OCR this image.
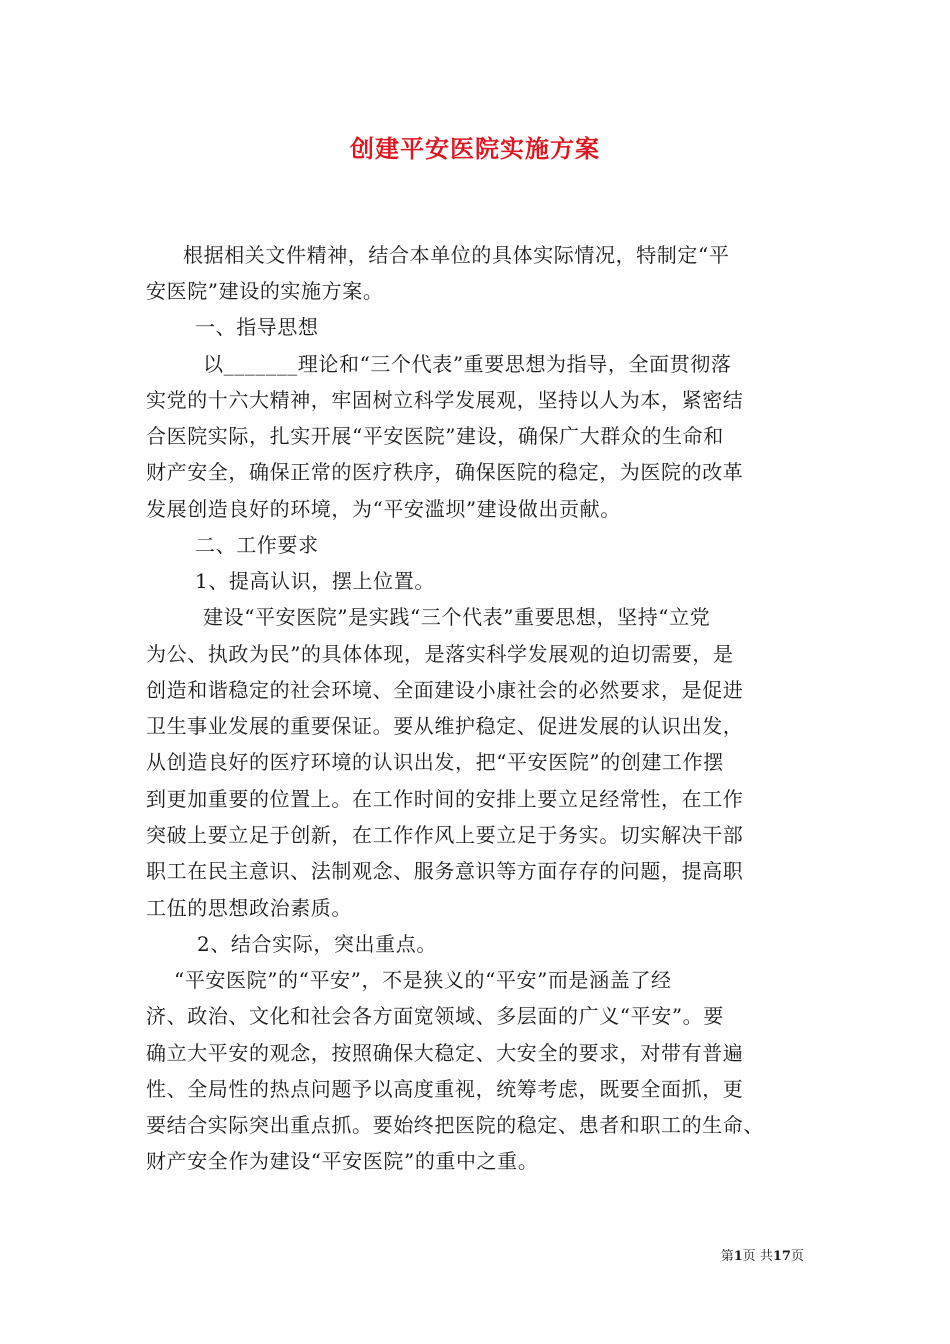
创建平安医院实施方案

根据相关文件精神，结合本单位的具体实际情况，特制定“平

安医院”建设的实施方案。

一、指导思想

以_______理论和“三个代表”重要思想为指导，全面贯彻落

实党的十六大精神，牢固树立科学发展观，坚持以人为本，紧密结

合医院实际，扎实开展“平安医院”建设，确保广大群众的生命和

财产安全，确保正常的医疗秩序，确保医院的稳定，为医院的改革

发展创造良好的环境，为“平安滥坝”建设做出贡献。

二、工作要求

1、提高认识，摆上位置。

建设“平安医院”是实践“三个代表”重要思想，坚持“立党

为公、执政为民”的具体体现，是落实科学发展观的迫切需要，是

创造和谐稳定的社会环境、全面建设小康社会的必然要求，是促进

卫生事业发展的重要保证。要从维护稳定、促进发展的认识出发，

从创造良好的医疗环境的认识出发，把“平安医院”的创建工作摆

到更加重要的位置上。在工作时间的安排上要立足经常性，在工作

突破上要立足于创新，在工作作风上要立足于务实。切实解决干部

职工在民主意识、法制观念、服务意识等方面存存的问题，提高职

工伍的思想政治素质。

2、结合实际，突出重点。

“平安医院”的“平安”，不是狭义的“平安”而是涵盖了经

济、政治、文化和社会各方面宽领域、多层面的广义“平安”。要

确立大平安的观念，按照确保大稳定、大安全的要求，对带有普遍

性、全局性的热点问题予以高度重视，统筹考虑，既要全面抓，更

要结合实际突出重点抓。要始终把医院的稳定、患者和职工的生命、

财产安全作为建设“平安医院”的重中之重。

第1页 共17页
